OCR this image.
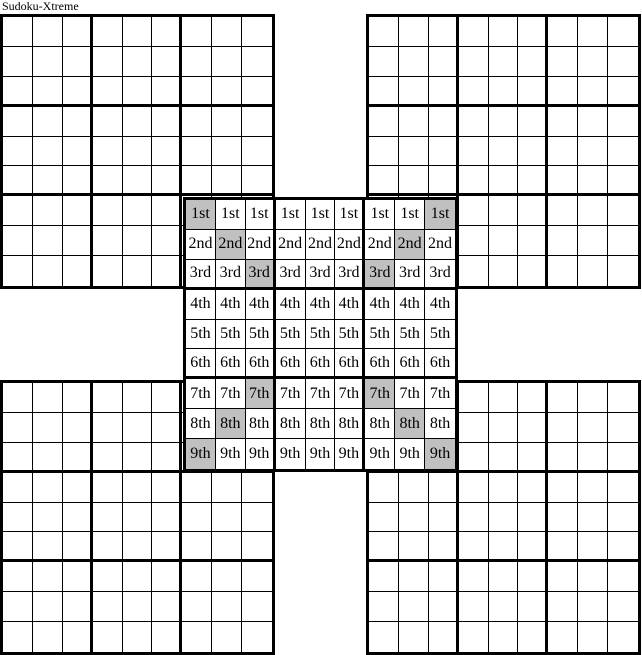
Sudoku-Xtreme
1st 1st 1st 1st 1st 1st 1st 1st 1st
2nd 2nd 2nd 2nd 2nd 2nd 2nd 2nd 2nd
3rd 3rd 3rd 3rd 3rd 3rd 3rd 3rd 3rd
4th 4th 4th 4th 4th 4th 4th 4th 4th
5th 5th 5th 5th 5th 5th 5th 5th 5th
6th 6th 6th 6th 6th 6th 6th 6th 6th
7th 7th 7th 7th 7th 7th 7th 7th 7th
8th 8th 8th 8th 8th 8th 8th 8th 8th
9th 9th 9th 9th 9th 9th 9th 9th 9th
